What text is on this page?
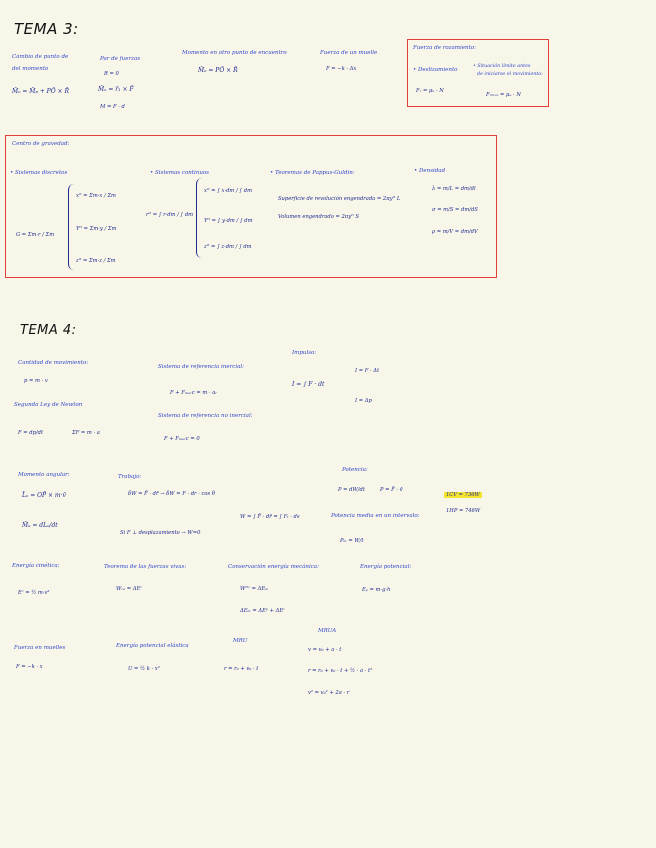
TEMA 3:
Cambio de punto de
del momento
M̄ₒ = M̄ₚ + PŌ × R̄
Par de fuerzas
R = 0
M̄ₒ = r̄₁ × F̄
M = F · d
Momento en otro punto de encuentro
M̄ₒ = PŌ × R̄
Fuerza de un muelle
F = −k · Δx
Fuerza de rozamiento:
• Deslizamiento
• Situación límite antes
de iniciarse el movimiento:
Fᵣ = μₖ · N
Fᵣₘₐₓ = μₑ · N
Centro de gravedad:
• Sistemas discretos
G = Σm·r / Σm
xᴳ = Σm·x / Σm
Yᴳ = Σm·y / Σm
zᴳ = Σm·z / Σm
• Sistemas continuos
rᴳ = ∫ r·dm / ∫ dm
xᴳ = ∫ x·dm / ∫ dm
Yᴳ = ∫ y·dm / ∫ dm
zᴳ = ∫ z·dm / ∫ dm
• Teoremas de Pappus-Guldin:
Superficie de revolución engendrada = 2πyᴳ L
Volumen engendrado = 2πyᴳ S
• Densidad
λ = m/L = dm/dl
σ = m/S = dm/dS
ρ = m/V = dm/dV
TEMA 4:
Cantidad de movimiento:
p = m · v
Segunda Ley de Newton
F = dp/dt	ΣF = m · a
Sistema de referencia inercial:
F + Fᵢₙₑᵣc = m · aᵣ
Sistema de referencia no inercial:
F + Fᵢₙₑᵣc = 0
Impulso:
I = ∫ F · dt
I = F · Δt
I = Δp
Momento angular:
L̄ₒ = OP̄ × m·v̄
M̄ₒ = dLₒ/dt
Trabajo:
δW = F̄ · dr̄ → δW = F · dr · cos θ
Si F ⊥ desplazamiento → W=0
W = ∫ F̄ · dr̄ = ∫ Fₜ · ds
Potencia:
P = dW/dt	P = F̄ · v̄
Potencia media en un intervalo:
Pₘ = W/t
1CV = 736W
1HP = 746W
Energía cinética:
Eᶜ = ½ m·v²
Teorema de las fuerzas vivas:
Wᵣₑ = ΔEᶜ
Conservación energía mecánica:
Wᴺᶜ = ΔEₘ
ΔEₘ = ΔEᵖ + ΔEᶜ
Energía potencial:
Eₚ = m·g·h
Fuerza en muelles
F = −k · x
Energía potencial elástica
U = ½ k · x²
MRU
r = r₀ + v₀ · t
MRUA
v = v₀ + a · t
r = r₀ + v₀ · t + ½ · a · t²
v² = v₀² + 2a · r
